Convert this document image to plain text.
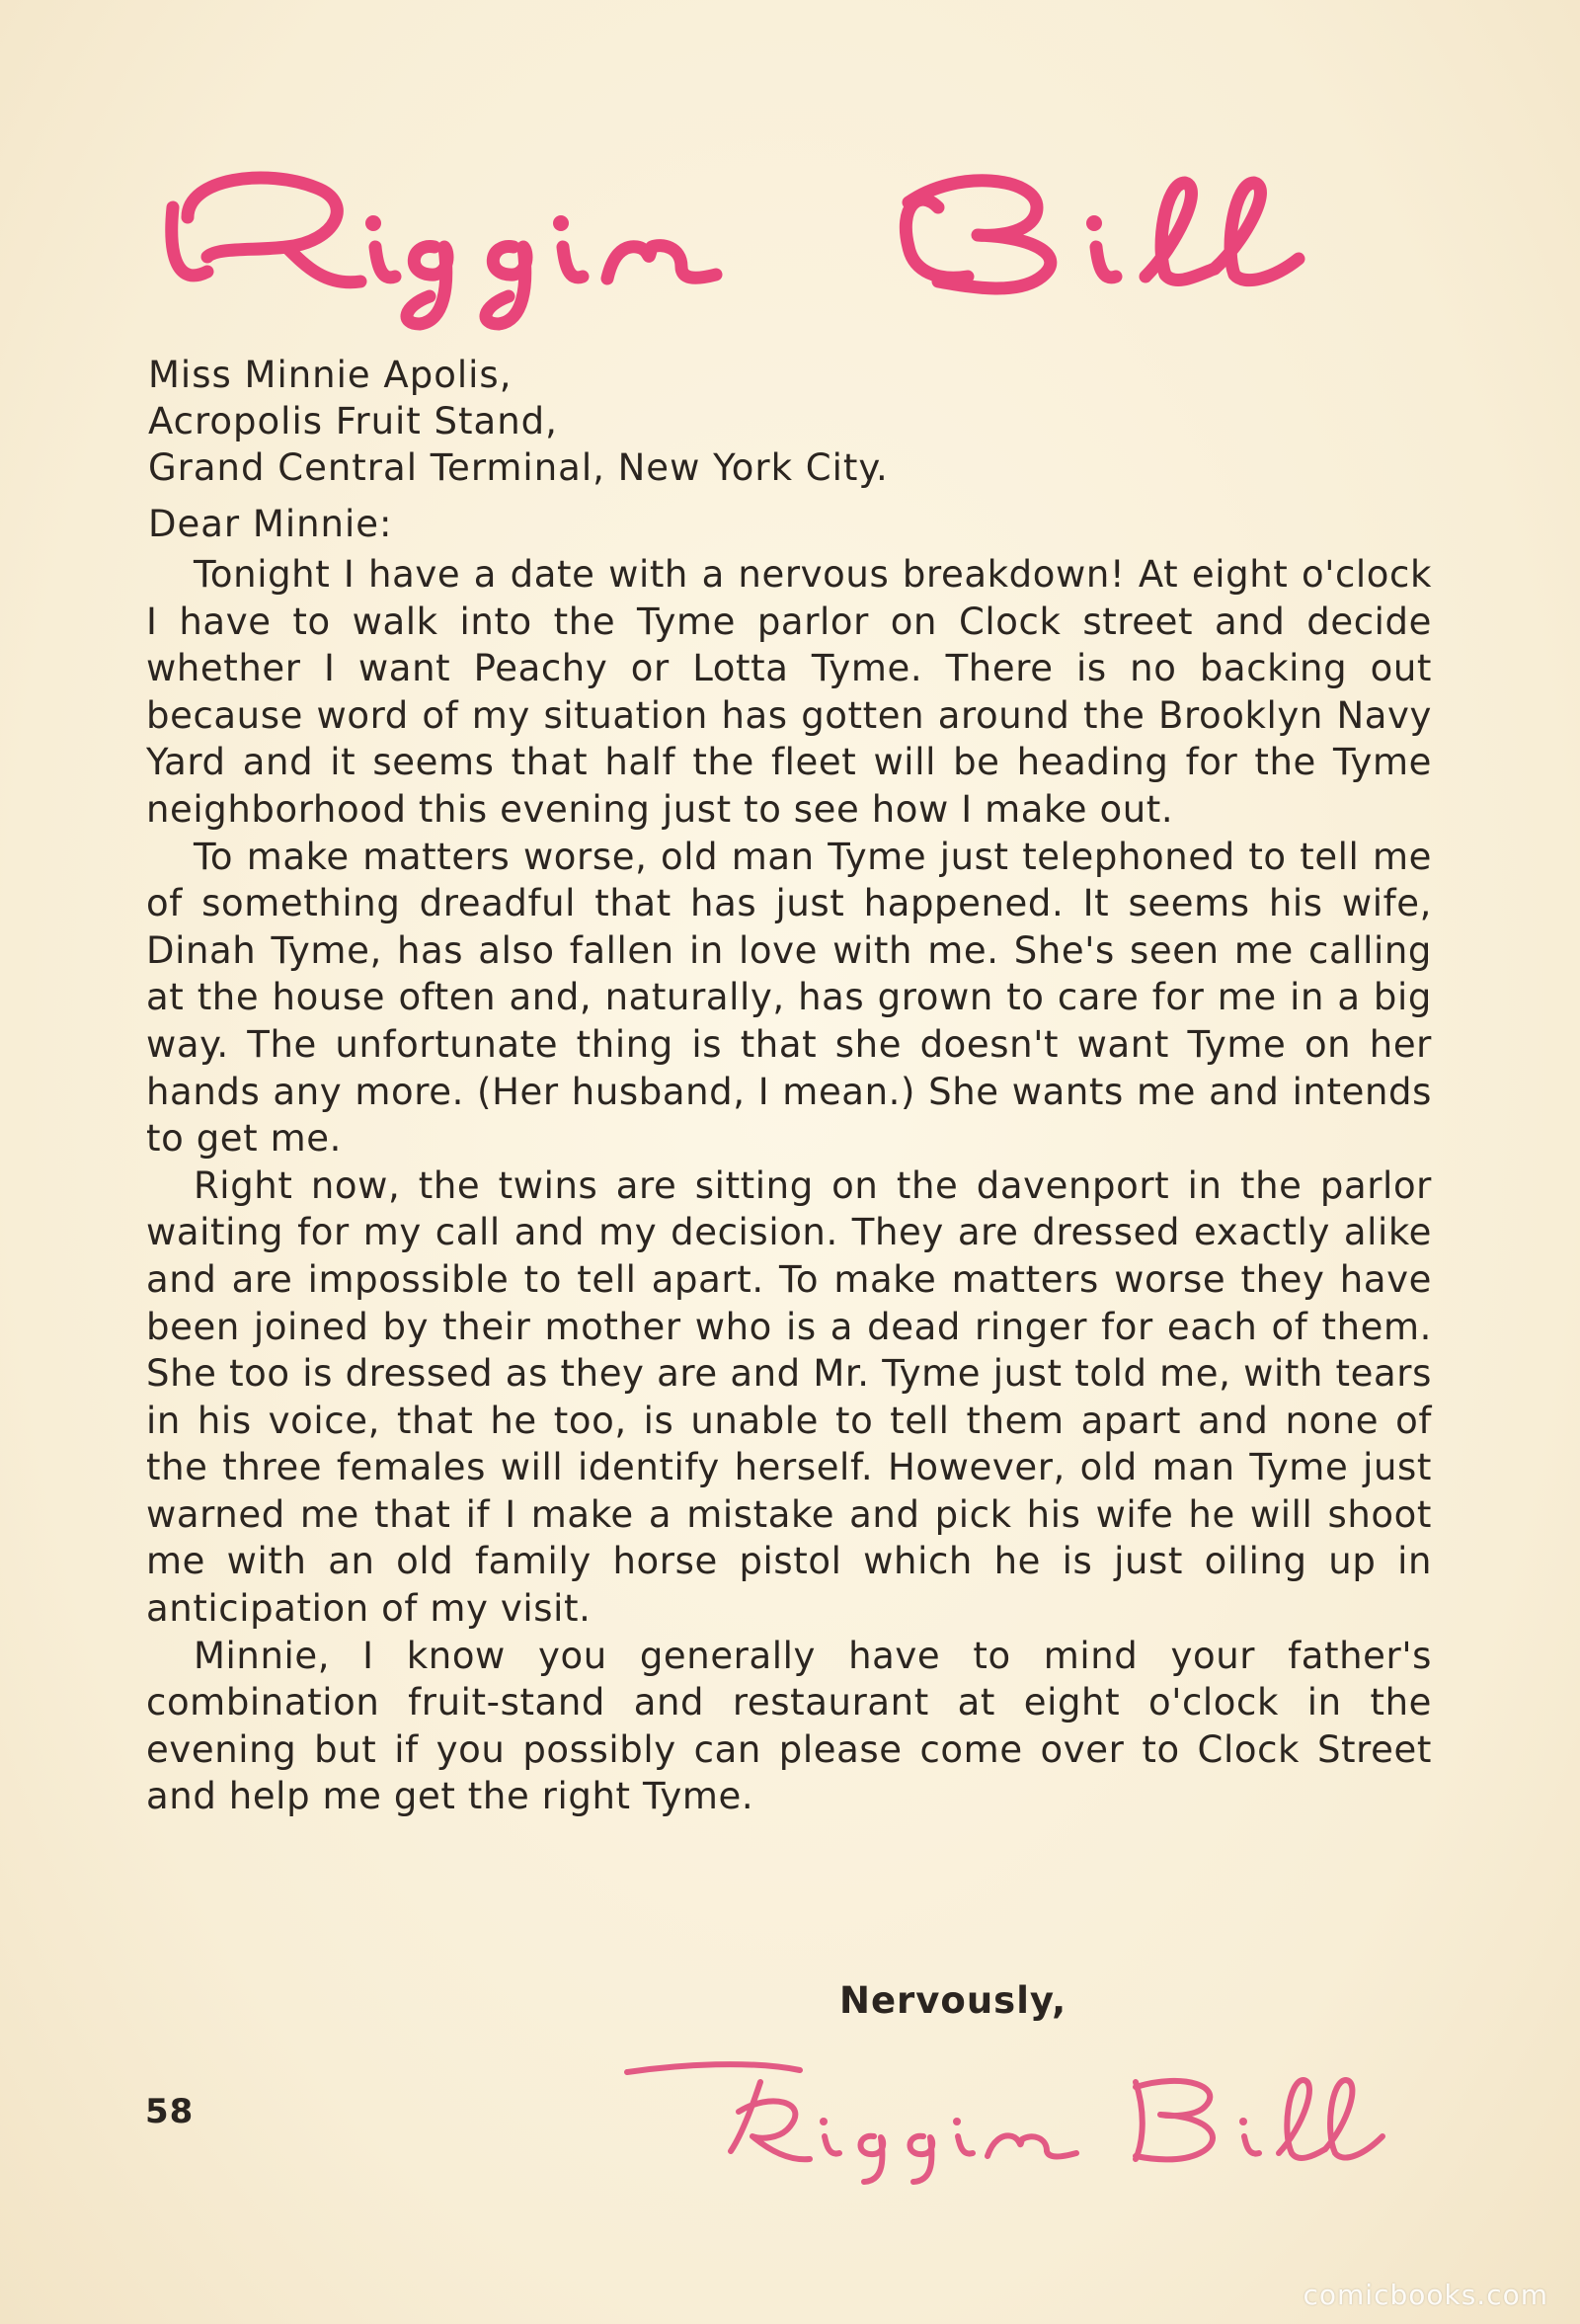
Miss Minnie Apolis,
Acropolis Fruit Stand,
Grand Central Terminal, New York City.
Dear Minnie:

Tonight I have a date with a nervous breakdown! At eight o'clock I have to walk into the Tyme parlor on Clock street and decide whether I want Peachy or Lotta Tyme. There is no backing out because word of my situation has gotten around the Brooklyn Navy Yard and it seems that half the fleet will be heading for the Tyme neighborhood this evening just to see how I make out.

To make matters worse, old man Tyme just telephoned to tell me of something dreadful that has just happened. It seems his wife, Dinah Tyme, has also fallen in love with me. She's seen me calling at the house often and, naturally, has grown to care for me in a big way. The unfortunate thing is that she doesn't want Tyme on her hands any more. (Her husband, I mean.) She wants me and intends to get me.

Right now, the twins are sitting on the davenport in the parlor waiting for my call and my decision. They are dressed exactly alike and are impossible to tell apart. To make matters worse they have been joined by their mother who is a dead ringer for each of them. She too is dressed as they are and Mr. Tyme just told me, with tears in his voice, that he too, is unable to tell them apart and none of the three females will identify herself. However, old man Tyme just warned me that if I make a mistake and pick his wife he will shoot me with an old family horse pistol which he is just oiling up in anticipation of my visit.

Minnie, I know you generally have to mind your father's combination fruit-stand and restaurant at eight o'clock in the evening but if you possibly can please come over to Clock Street and help me get the right Tyme.

Nervously,
58
comicbooks.com
